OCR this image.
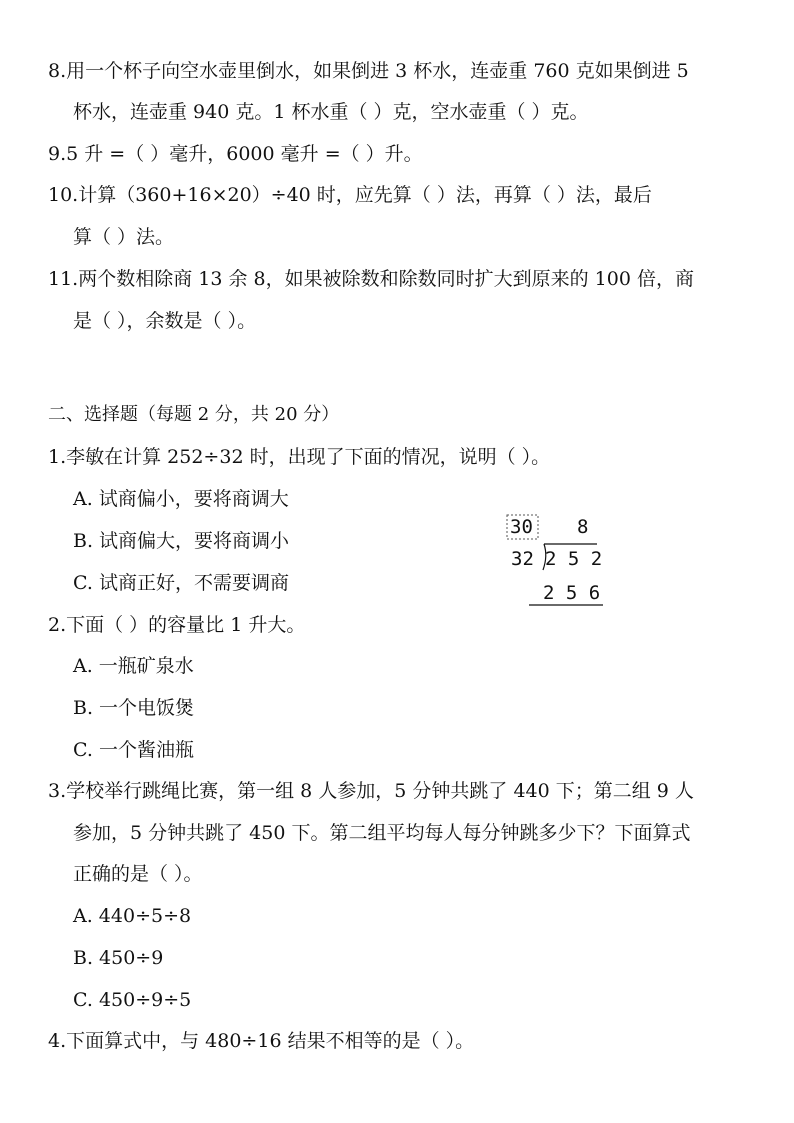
8.用一个杯子向空水壶里倒水，如果倒进 3 杯水，连壶重 760 克如果倒进 5
杯水，连壶重 940 克。1 杯水重（ ）克，空水壶重（ ）克。
9.5 升 =（ ）毫升，6000 毫升 =（ ）升。
10.计算（360+16×20）÷40 时，应先算（ ）法，再算（ ）法，最后
算（ ）法。
11.两个数相除商 13 余 8，如果被除数和除数同时扩大到原来的 100 倍，商
是（ ），余数是（ ）。
二、选择题（每题 2 分，共 20 分）
1.李敏在计算 252÷32 时，出现了下面的情况，说明（ ）。
A. 试商偏小，要将商调大
B. 试商偏大，要将商调小
C. 试商正好，不需要调商
30 8
32 2 5 2
2 5 6
2.下面（ ）的容量比 1 升大。
A. 一瓶矿泉水
B. 一个电饭煲
C. 一个酱油瓶
3.学校举行跳绳比赛，第一组 8 人参加，5 分钟共跳了 440 下；第二组 9 人
参加，5 分钟共跳了 450 下。第二组平均每人每分钟跳多少下？下面算式
正确的是（ ）。
A. 440÷5÷8
B. 450÷9
C. 450÷9÷5
4.下面算式中，与 480÷16 结果不相等的是（ ）。
